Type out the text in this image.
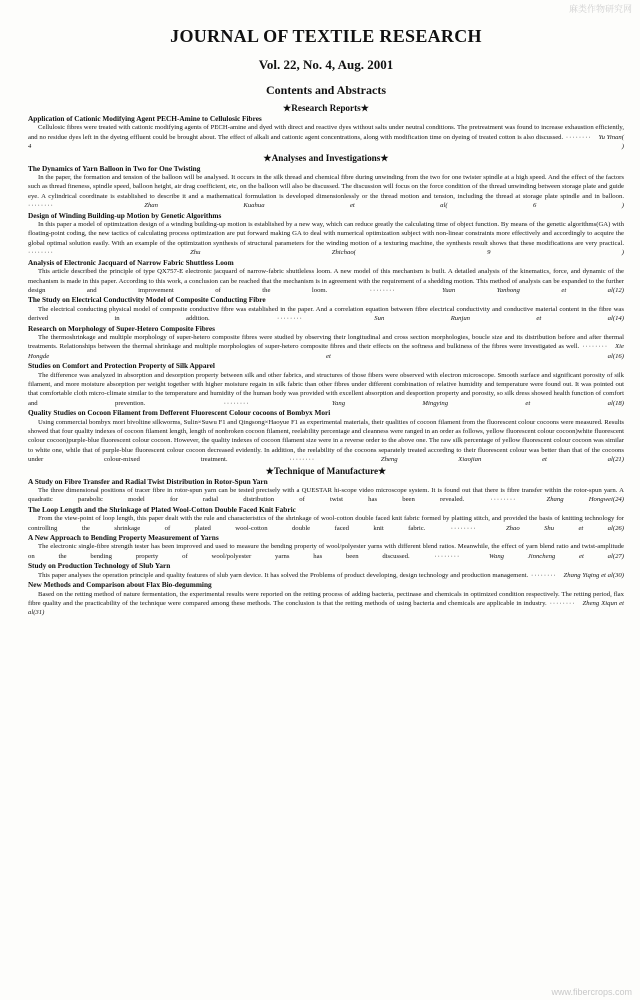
麻类作物研究网
JOURNAL OF TEXTILE RESEARCH
Vol. 22, No. 4, Aug. 2001
Contents and Abstracts
★Research Reports★
Application of Cationic Modifying Agent PECH-Amine to Cellulosic Fibres

Cellulosic fibres were treated with cationic modifying agents of PECH-amine and dyed with direct and reactive dyes without salts under neutral conditions. The pretreatment was found to increase exhaustion efficiently, and no residue dyes left in the dyeing effluent could be brought about. The effect of alkali and cationic agent concentrations, along with modification time on dyeing of treated cotton is also discussed. ········ Yu Yinan( 4 )

★Analyses and Investigations★
The Dynamics of Yarn Balloon in Two for One Twisting

In the paper, the formation and tension of the balloon will be analysed. It occurs in the silk thread and chemical fibre during unwinding from the two for one twister spindle at a high speed. And the effect of the factors such as thread fineness, spindle speed, balloon height, air drag coefficient, etc, on the balloon will also be discussed. The discussion will focus on the force condition of the thread unwinding between storage plate and guide eye. A cylindrical coordinate is established to describe it and a mathematical formulation is developed dimensionlessly or the thread motion and tension, including the thread at storage plate spindle and in balloon. ········ Zhan Kuahua et al( 6 )

Design of Winding Building-up Motion by Genetic Algorithms

In this paper a model of optimization design of a winding building-up motion is established by a new way, which can reduce greatly the calculating time of object function. By means of the genetic algorithms(GA) with floating-point coding, the new tactics of calculating process optimization are put forward making GA to deal with numerical optimization subject with non-linear constraints more effectively and accordingly to acquire the global optimal solution easily. With an example of the optimization synthesis of structural parameters for the winding motion of a texturing machine, the synthesis result shows that these modifications are very practical. ········ Zhu Zhichao( 9 )

Analysis of Electronic Jacquard of Narrow Fabric Shuttless Loom

This article described the principle of type QX757-E electronic jacquard of narrow-fabric shuttleless loom. A new model of this mechanism is built. A detailed analysis of the kinematics, force, and dynamic of the mechanism is made in this paper. According to this work, a conclusion can be reached that the mechanism is in agreement with the requirement of a shedding motion. This method of analysis can be expanded to the further design and improvement of the loom. ········ Yuan Yanhong et al(12)

The Study on Electrical Conductivity Model of Composite Conducting Fibre

The electrical conducting physical model of composite conductive fibre was established in the paper. And a correlation equation between fibre electrical conductivity and conductive material content in the fibre was derived in addition. ········ Sun Runjun et al(14)

Research on Morphology of Super-Hetero Composite Fibres

The thermoshrinkage and multiple morphology of super-hetero composite fibres were studied by observing their longitudinal and cross section morphologies, boucle size and its distribution before and after thermal treatments. Relationships between the thermal shrinkage and multiple morphologies of super-hetero composite fibres and their effects on the softness and bulkiness of the fibres were investigated as well. ········ Xie Hongde et al(16)

Studies on Comfort and Protection Property of Silk Apparel

The difference was analyzed in absorption and desorption property between silk and other fabrics, and structures of those fibers were observed with electron microscope. Smooth surface and significant porosity of silk filament, and more moisture absorption per weight together with higher moisture regain in silk fabric than other fibres under different combination of relative humidity and temperature were found out. It was pointed out that comfortable cloth micro-climate similar to the temperature and humidity of the human body was provided with excellent absorption and desportion property and porosity, so silk dress showed health function of comfort and prevention. ········ Yang Mingying et al(18)

Quality Studies on Cocoon Filament from Defferent Fluorescent Colour cocoons of Bombyx Mori

Using commercial bombyx mori bivoltine silkworms, Sulin×Suwu F1 and Qingsong×Haoyue F1 as experimental materials, their qualities of cocoon filament from the fluorescent colour cocoons were measured. Results showed that four quality indexes of cocoon filament length, length of nonbroken cocoon filament, reelability percentage and cleanness were ranged in an order as follows, yellow fluorescent colour cocoon)white fluorescent colour cocoon)purple-blue fluorescent colour cocoon. However, the quality indexes of cocoon filament size were in a reverse order to the above one. The raw silk percentage of yellow fluorescent colour cocoon was similar to white one, while that of purple-blue fluorescent colour cocoon decreased evidently. In addition, the reelability of the cocoons separately treated according to their fluorescent colour was better than that of the cocoons under colour-mixed treatment. ········ Zheng Xiaojian et al(21)

★Technique of Manufacture★
A Study on Fibre Transfer and Radial Twist Distribution in Rotor-Spun Yarn

The three dimensional positions of tracer fibre in rotor-spun yarn can be tested precisely with a QUESTAR hi-scope video microscope system. It is found out that there is fibre transfer within the rotor-spun yarn. A quadratic parabolic model for radial distribution of twist has been revealed. ········ Zhang Hongwei(24)

The Loop Length and the Shrinkage of Plated Wool-Cotton Double Faced Knit Fabric

From the view-point of loop length, this paper dealt with the rule and characteristics of the shrinkage of wool-cotton double faced knit fabric formed by platting stitch, and provided the basis of knitting technology for controlling the shrinkage of plated wool-cotton double faced knit fabric. ········ Zhao Shu et al(26)

A New Approach to Bending Property Measurement of Yarns

The electronic single-fibre strength tester has been improved and used to measure the bending property of wool/polyester yarns with different blend ratios. Meanwhile, the effect of yarn blend ratio and twist-amplitude on the bending property of wool/polyester yarns has been discussed. ········ Wang Jinncheng et al(27)

Study on Production Technology of Slub Yarn

This paper analyses the operation principle and quality features of slub yarn device. It has solved the Problems of product developing, design technology and production management. ········ Zhang Yiqing et al(30)

New Methods and Comparison about Flax Bio-degumming

Based on the retting method of nature fermentation, the experimental results were reported on the retting process of adding bacteria, pectinase and chemicals in optimized condition respectively. The retting period, flax fibre quality and the practicability of the technique were compared among these methods. The conclusion is that the retting methods of using bacteria and chemicals are applicable in industry. ········ Zheng Xiqun et al(31)

www.fibercrops.com
